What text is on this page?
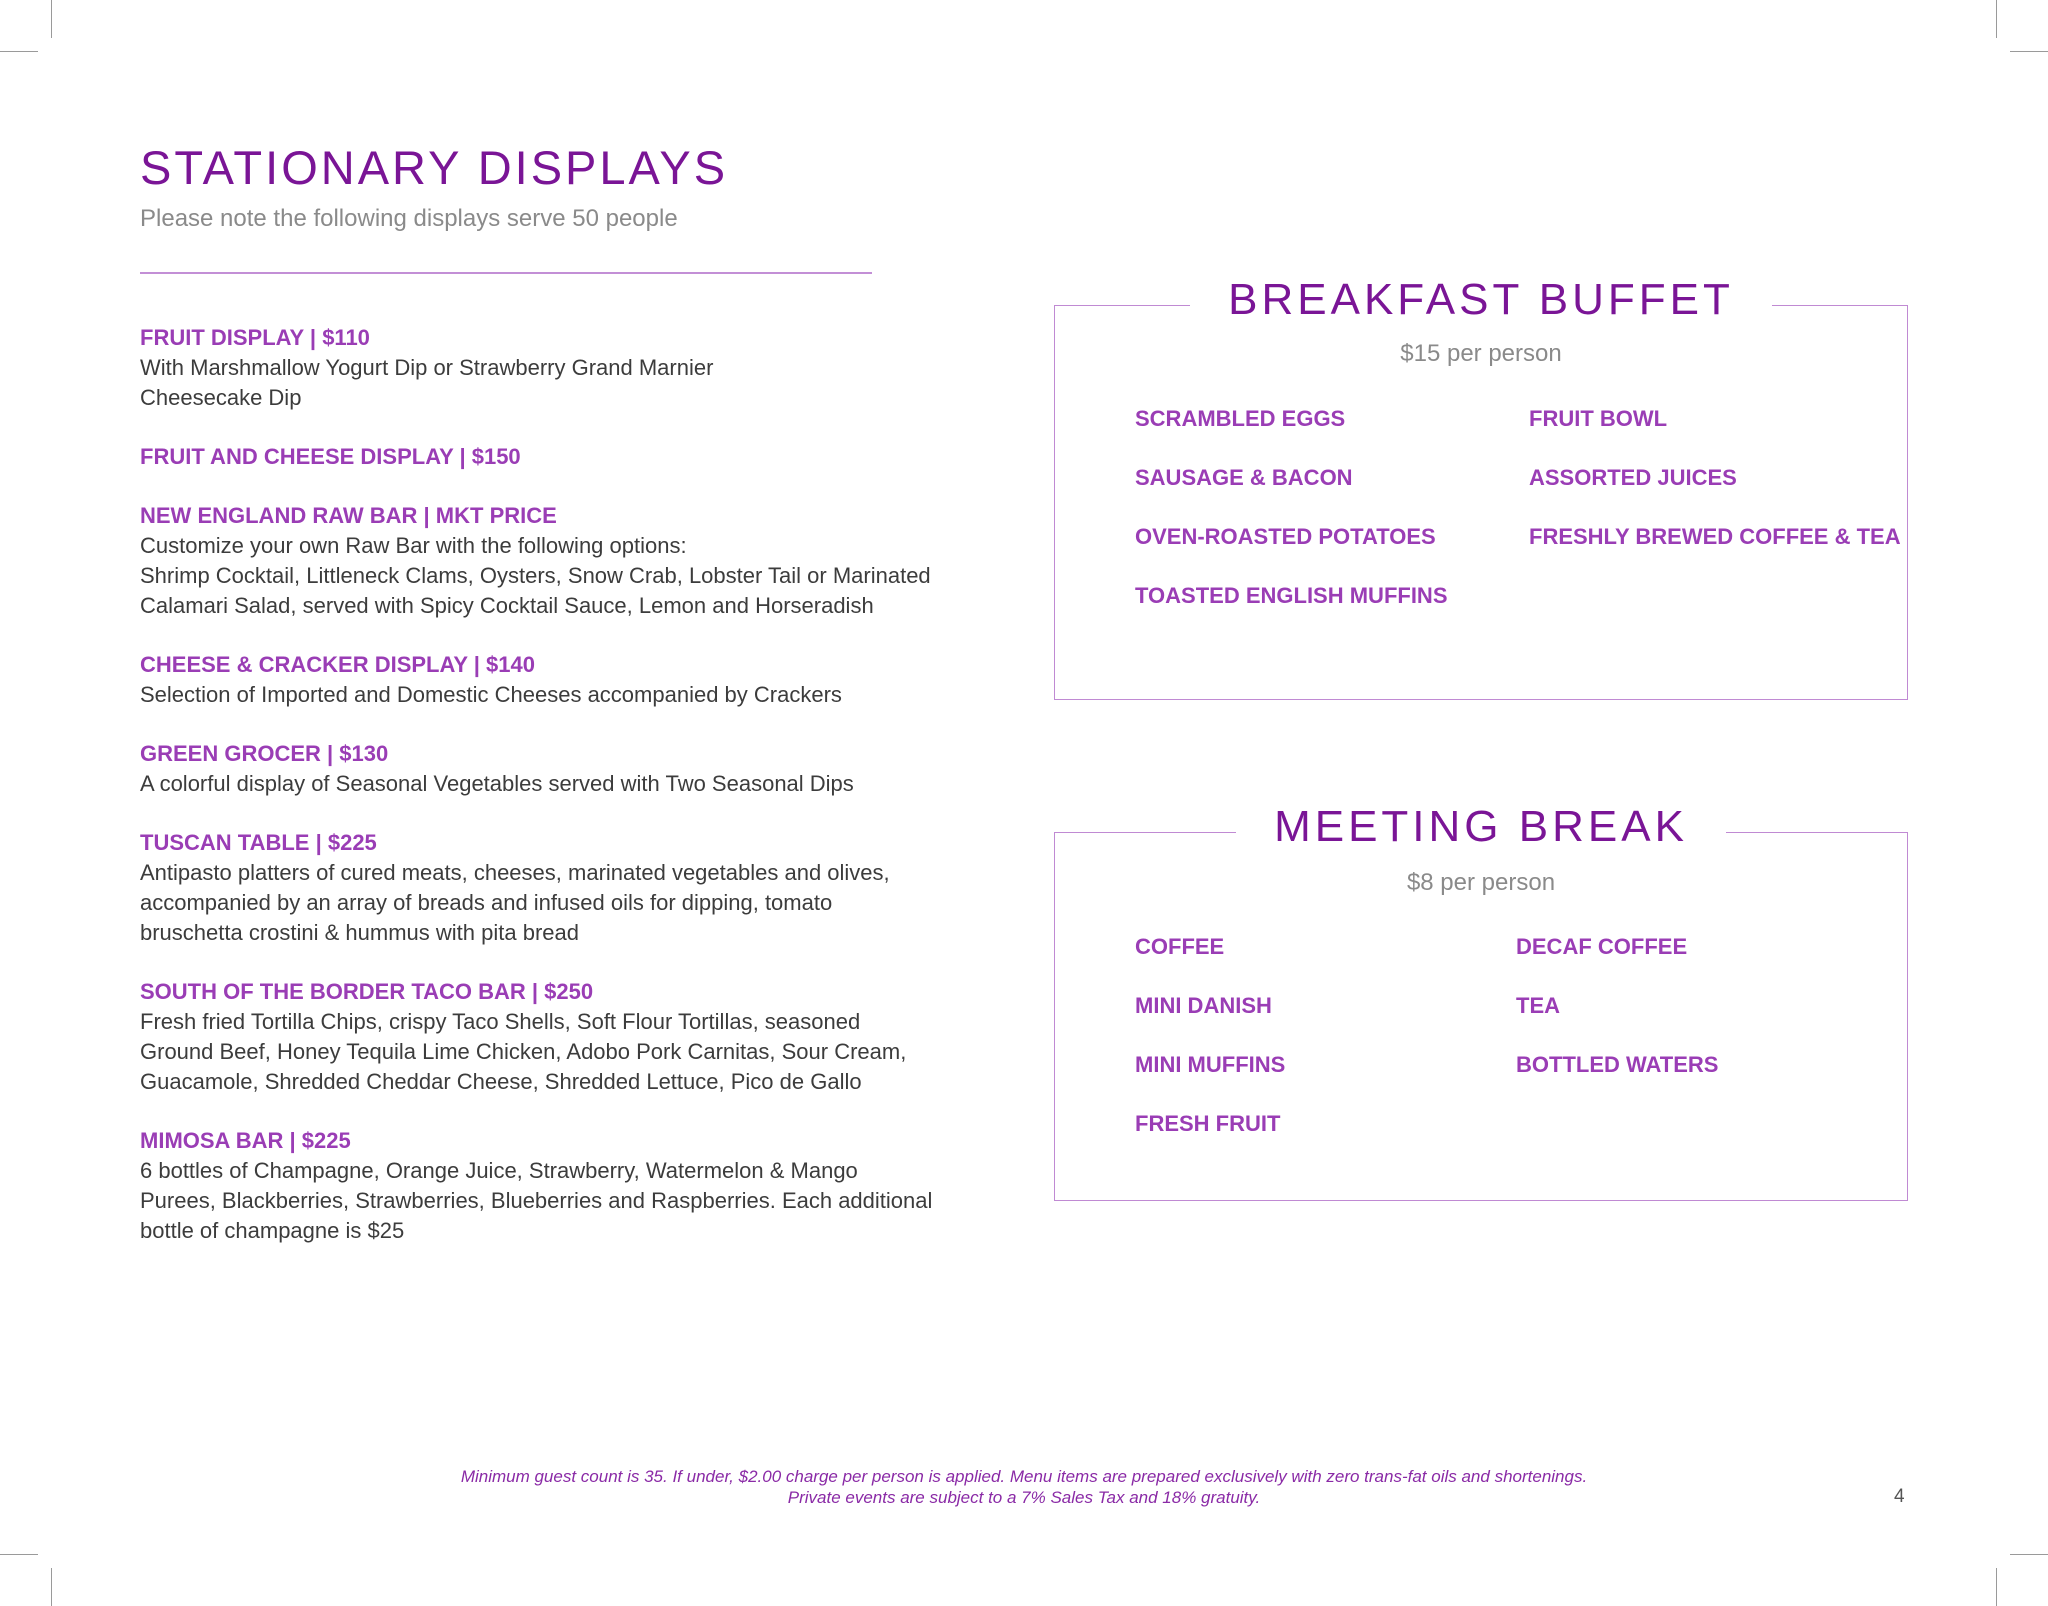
STATIONARY DISPLAYS
Please note the following displays serve 50 people
FRUIT DISPLAY | $110
With Marshmallow Yogurt Dip or Strawberry Grand Marnier
Cheesecake Dip
FRUIT AND CHEESE DISPLAY | $150
NEW ENGLAND RAW BAR | MKT PRICE
Customize your own Raw Bar with the following options:
Shrimp Cocktail, Littleneck Clams, Oysters, Snow Crab, Lobster Tail or Marinated
Calamari Salad, served with Spicy Cocktail Sauce, Lemon and Horseradish
CHEESE & CRACKER DISPLAY | $140
Selection of Imported and Domestic Cheeses accompanied by Crackers
GREEN GROCER | $130
A colorful display of Seasonal Vegetables served with Two Seasonal Dips
TUSCAN TABLE | $225
Antipasto platters of cured meats, cheeses, marinated vegetables and olives,
accompanied by an array of breads and infused oils for dipping, tomato
bruschetta crostini & hummus with pita bread
SOUTH OF THE BORDER TACO BAR | $250
Fresh fried Tortilla Chips, crispy Taco Shells, Soft Flour Tortillas, seasoned
Ground Beef, Honey Tequila Lime Chicken, Adobo Pork Carnitas, Sour Cream,
Guacamole, Shredded Cheddar Cheese, Shredded Lettuce, Pico de Gallo
MIMOSA BAR | $225
6 bottles of Champagne, Orange Juice, Strawberry, Watermelon & Mango
Purees, Blackberries, Strawberries, Blueberries and Raspberries. Each additional
bottle of champagne is $25
BREAKFAST BUFFET
$15 per person
SCRAMBLED EGGS
SAUSAGE & BACON
OVEN-ROASTED POTATOES
TOASTED ENGLISH MUFFINS
FRUIT BOWL
ASSORTED JUICES
FRESHLY BREWED COFFEE & TEA
MEETING BREAK
$8 per person
COFFEE
MINI DANISH
MINI MUFFINS
FRESH FRUIT
DECAF COFFEE
TEA
BOTTLED WATERS
Minimum guest count is 35. If under, $2.00 charge per person is applied. Menu items are prepared exclusively with zero trans-fat oils and shortenings.
Private events are subject to a 7% Sales Tax and 18% gratuity.	4
